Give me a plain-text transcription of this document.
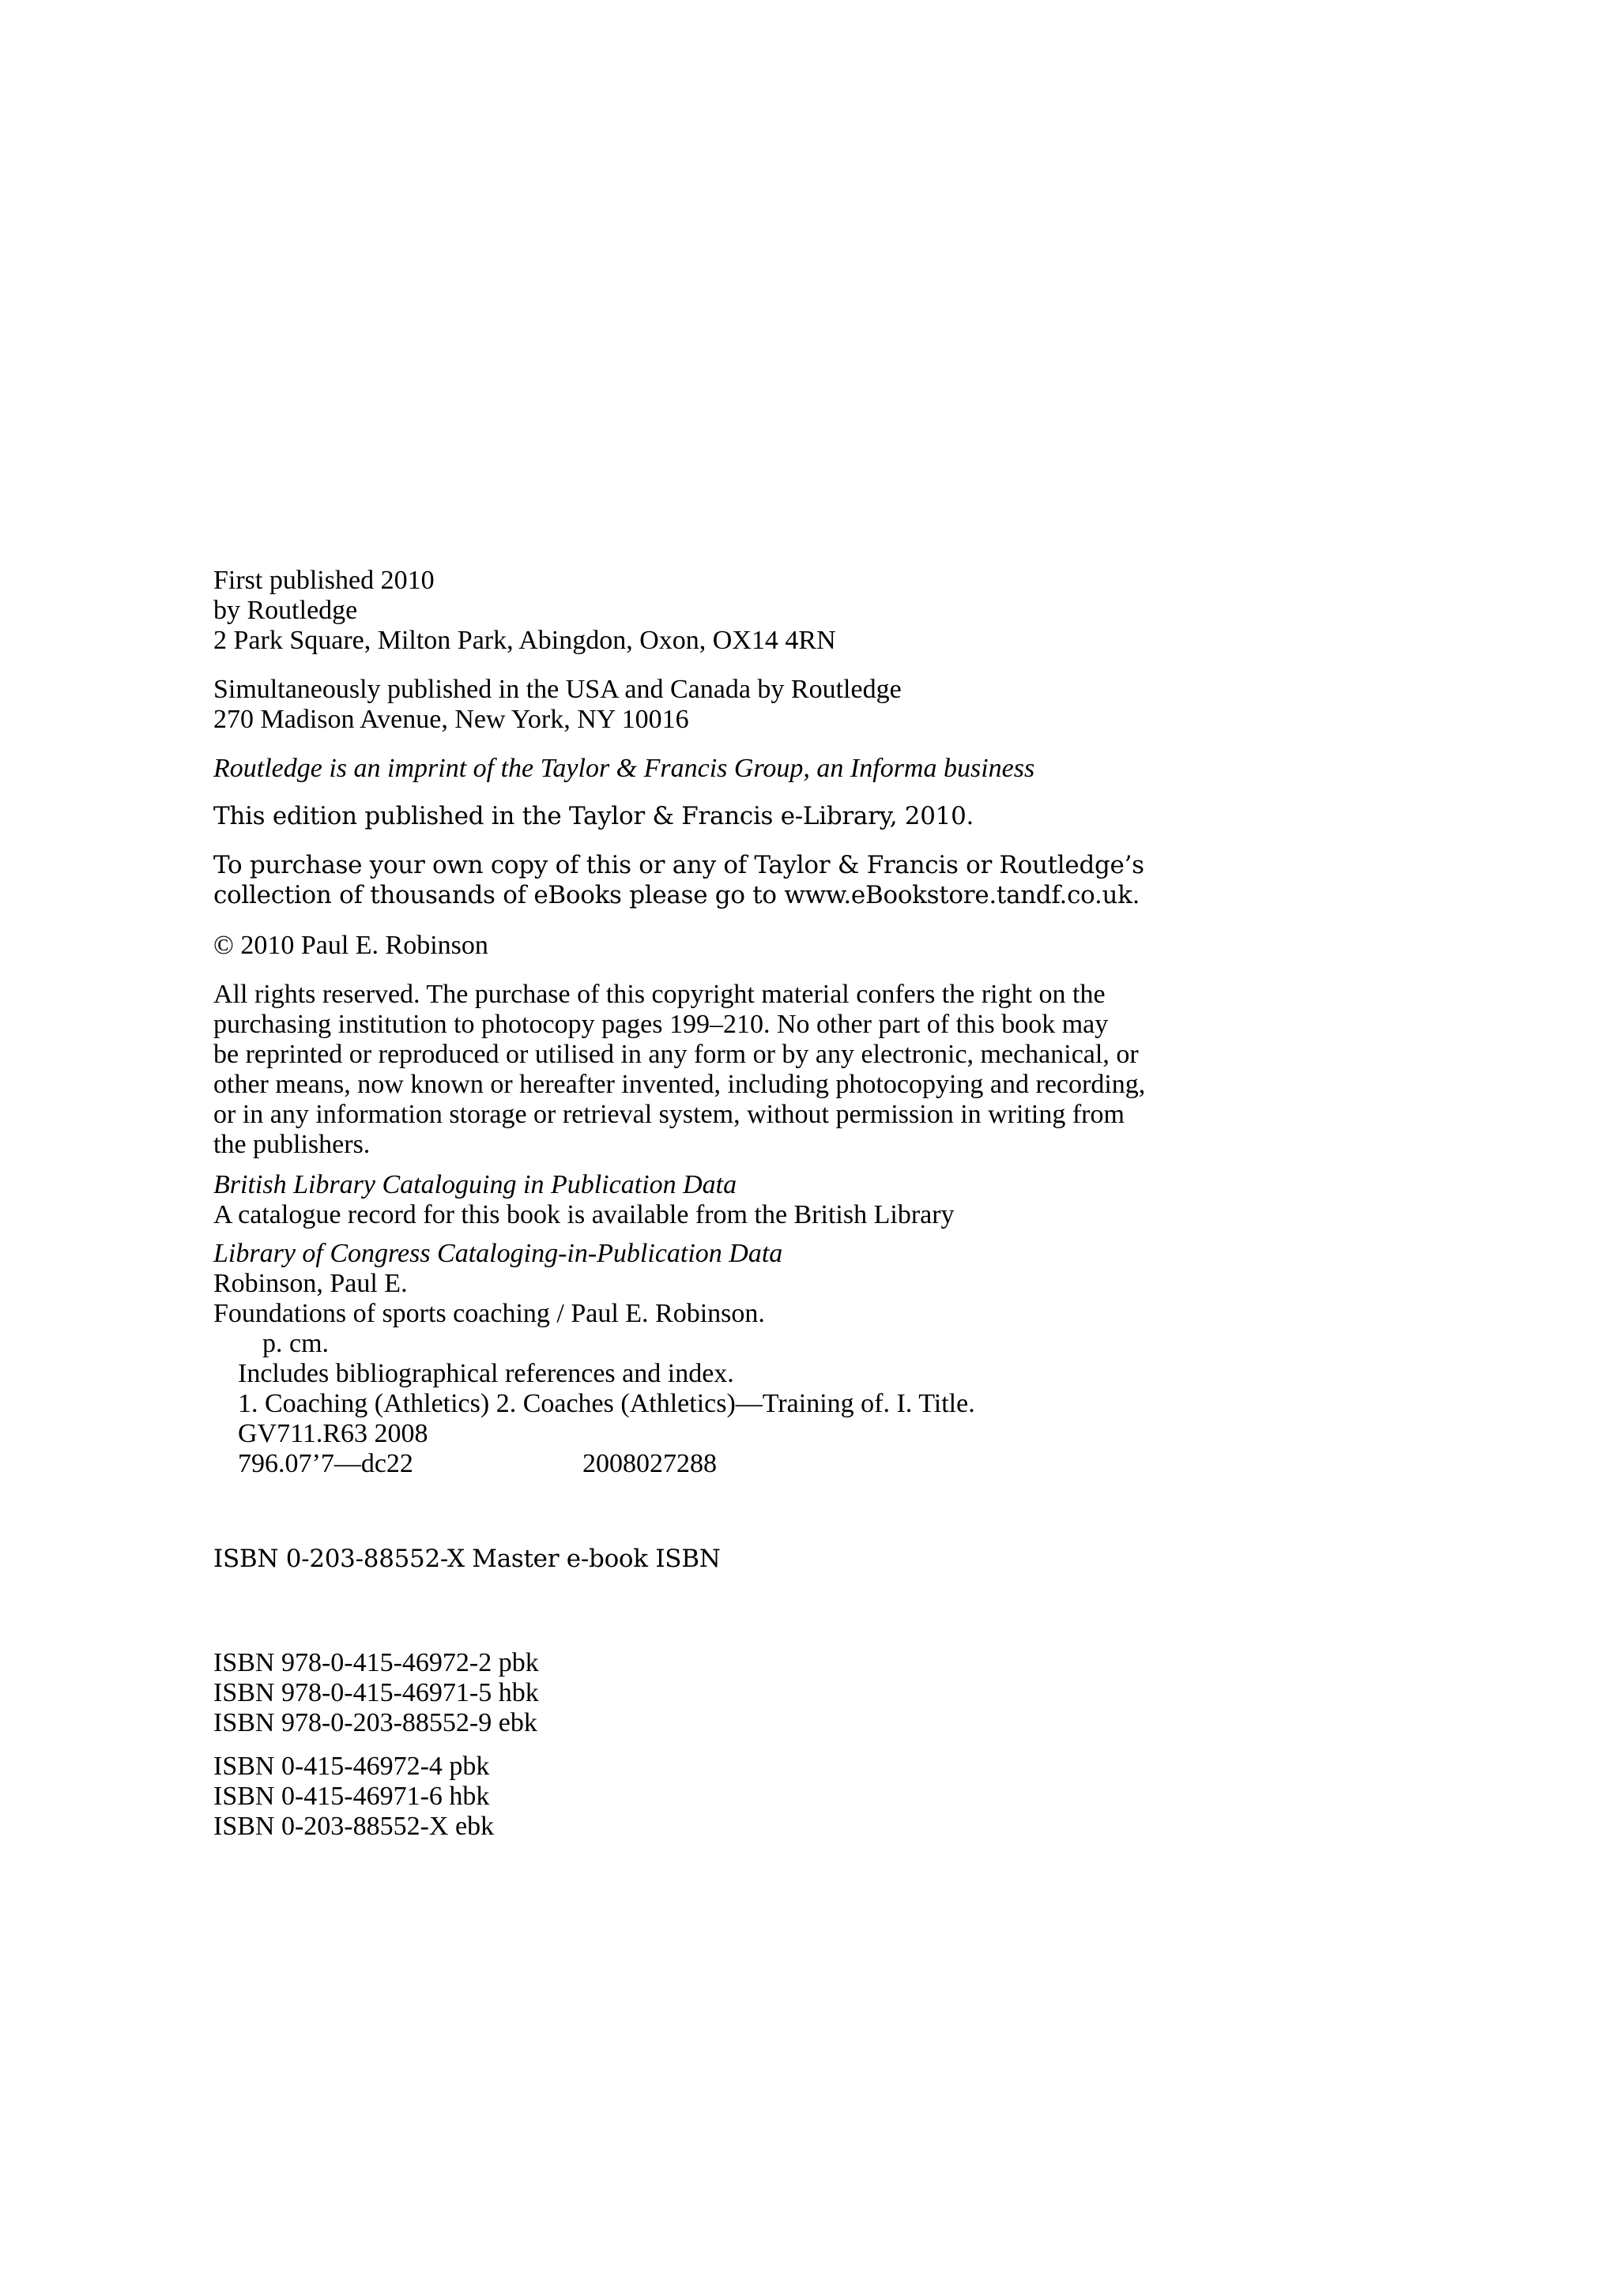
First published 2010
by Routledge
2 Park Square, Milton Park, Abingdon, Oxon, OX14 4RN
Simultaneously published in the USA and Canada by Routledge
270 Madison Avenue, New York, NY 10016
Routledge is an imprint of the Taylor & Francis Group, an Informa business
This edition published in the Taylor & Francis e-Library, 2010.
To purchase your own copy of this or any of Taylor & Francis or Routledge’s
collection of thousands of eBooks please go to www.eBookstore.tandf.co.uk.
© 2010 Paul E. Robinson
All rights reserved. The purchase of this copyright material confers the right on the
purchasing institution to photocopy pages 199–210. No other part of this book may
be reprinted or reproduced or utilised in any form or by any electronic, mechanical, or
other means, now known or hereafter invented, including photocopying and recording,
or in any information storage or retrieval system, without permission in writing from
the publishers.
British Library Cataloguing in Publication Data
A catalogue record for this book is available from the British Library
Library of Congress Cataloging-in-Publication Data
Robinson, Paul E.
Foundations of sports coaching / Paul E. Robinson.
p. cm.
Includes bibliographical references and index.
1. Coaching (Athletics) 2. Coaches (Athletics)—Training of. I. Title.
GV711.R63 2008
796.07’7—dc22	2008027288
ISBN 0-203-88552-X Master e-book ISBN
ISBN 978-0-415-46972-2 pbk
ISBN 978-0-415-46971-5 hbk
ISBN 978-0-203-88552-9 ebk
ISBN 0-415-46972-4 pbk
ISBN 0-415-46971-6 hbk
ISBN 0-203-88552-X ebk
